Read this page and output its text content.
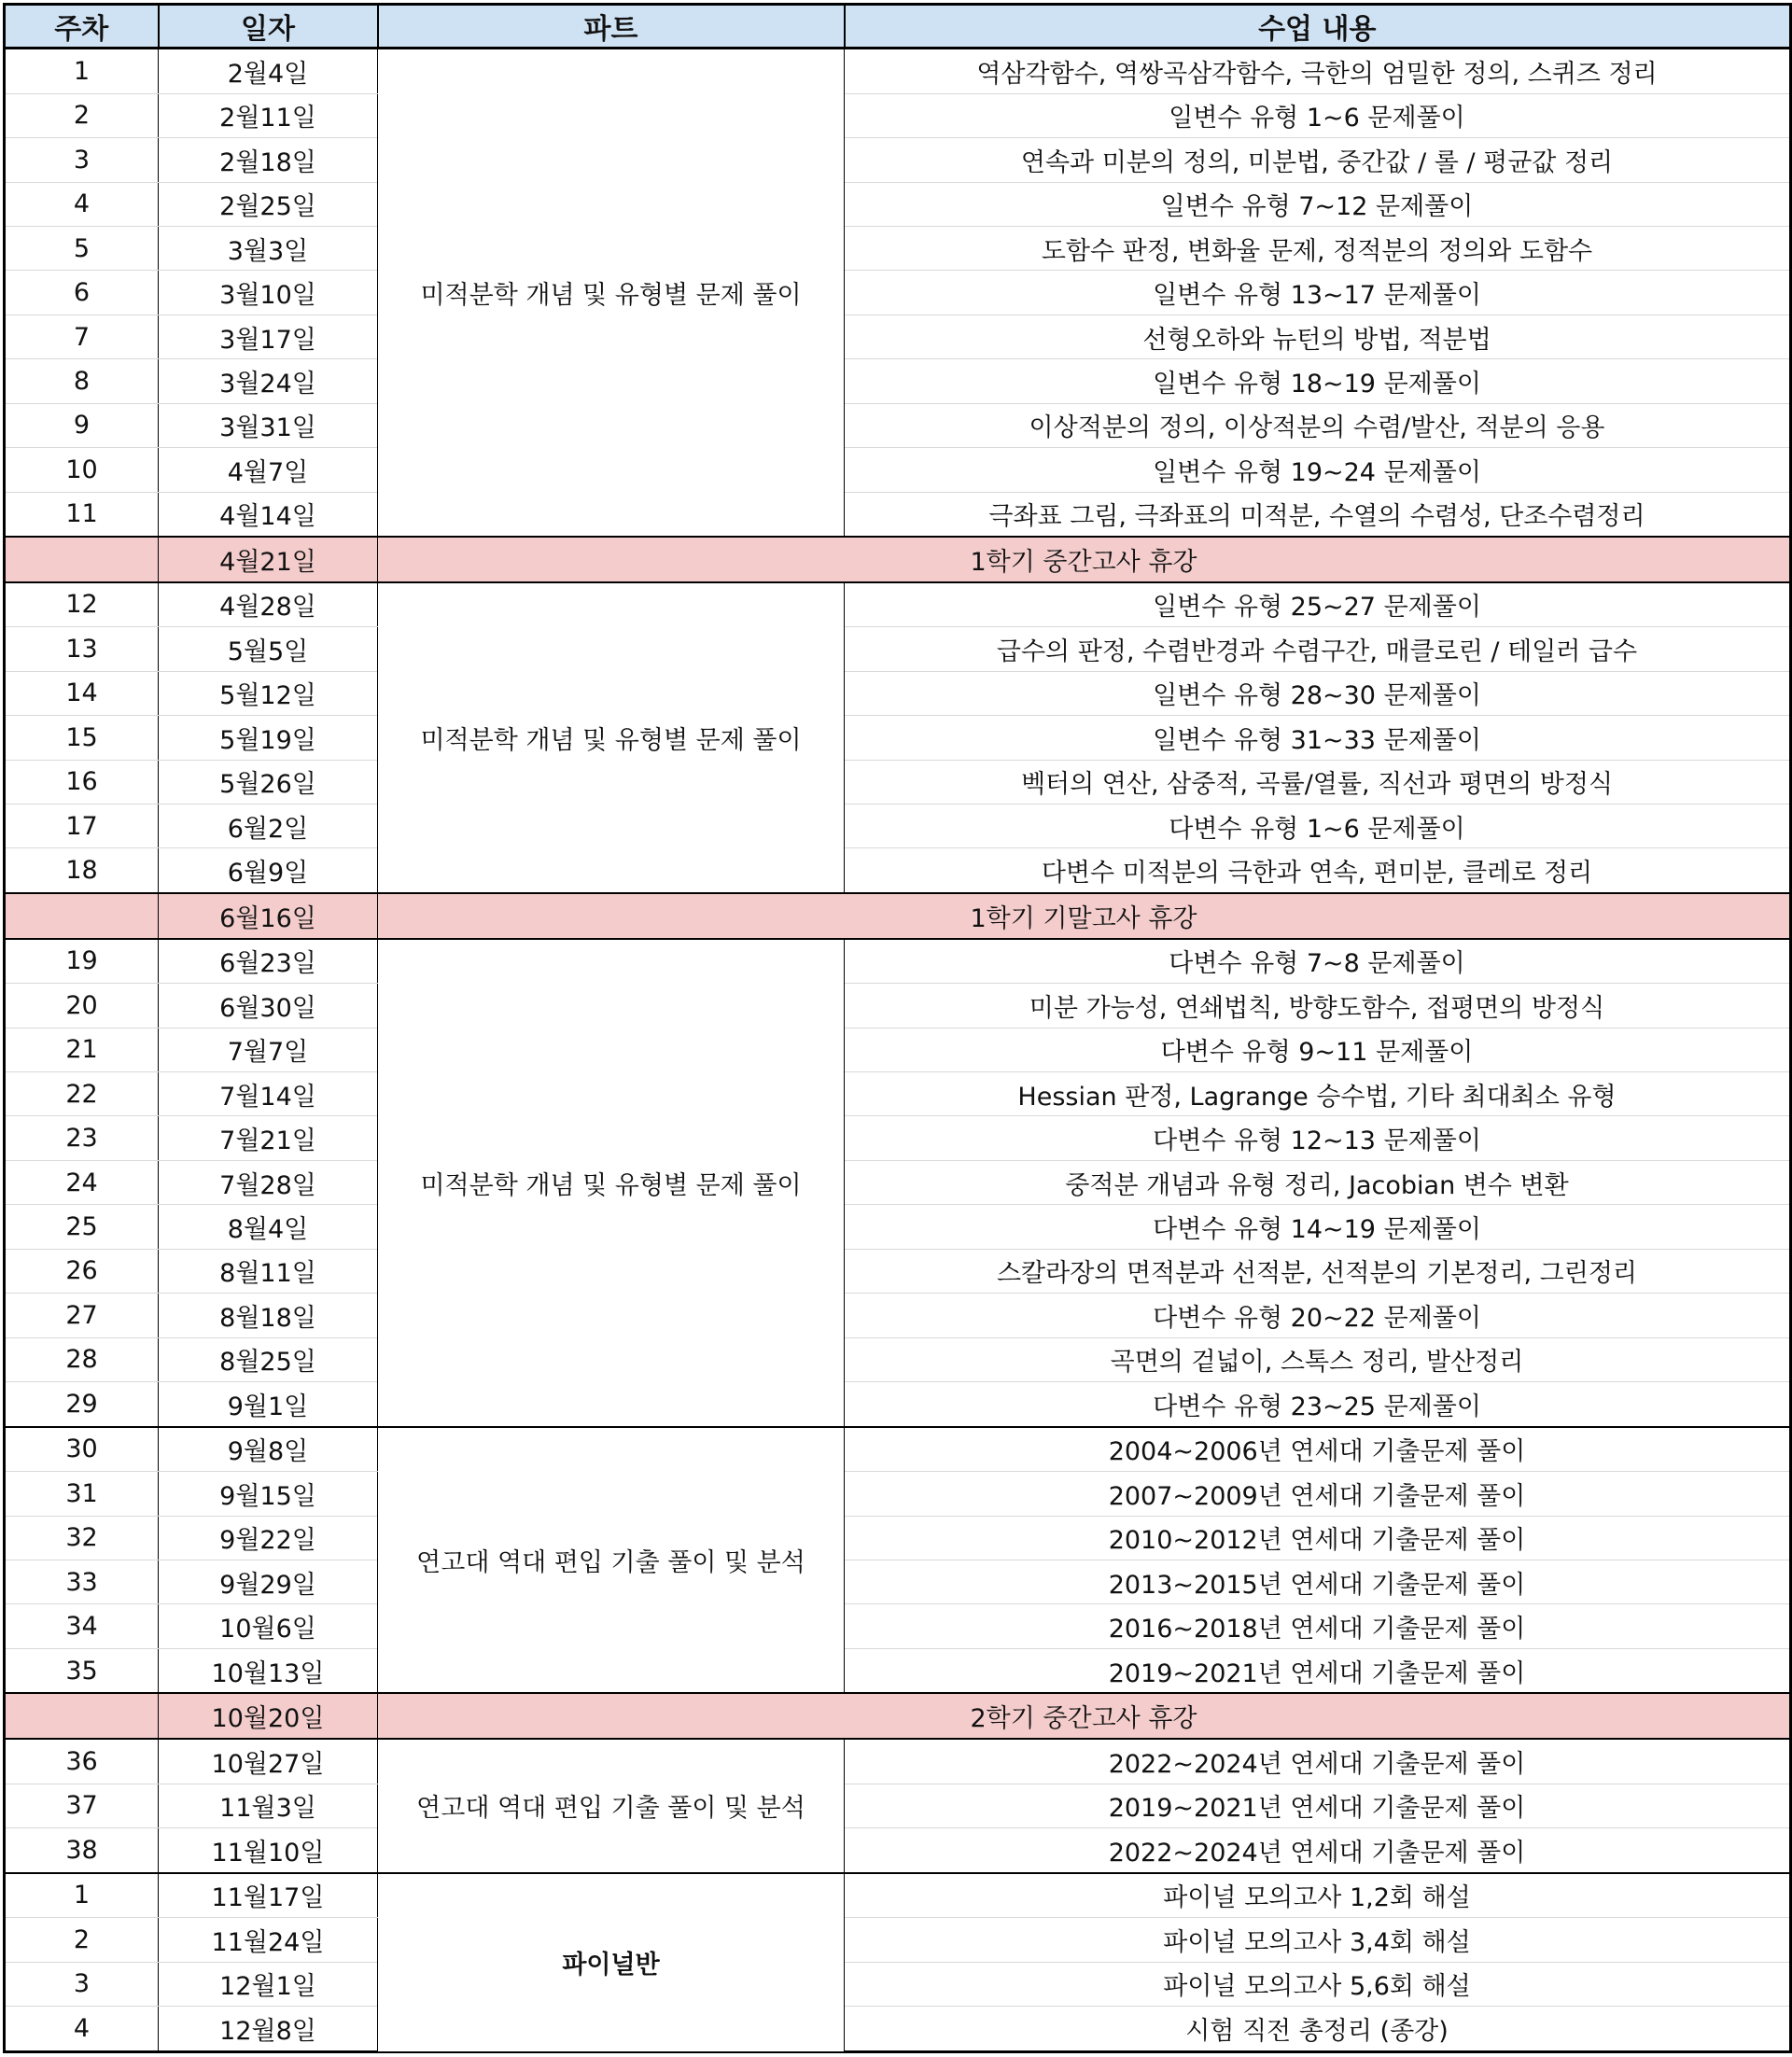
주차	일자	파트	수업 내용
1	2월4일	미적분학 개념 및 유형별 문제 풀이	역삼각함수, 역쌍곡삼각함수, 극한의 엄밀한 정의, 스퀴즈 정리
2	2월11일		일변수 유형 1~6 문제풀이
3	2월18일		연속과 미분의 정의, 미분법, 중간값 / 롤 / 평균값 정리
4	2월25일		일변수 유형 7~12 문제풀이
5	3월3일		도함수 판정, 변화율 문제, 정적분의 정의와 도함수
6	3월10일		일변수 유형 13~17 문제풀이
7	3월17일		선형오하와 뉴턴의 방법, 적분법
8	3월24일		일변수 유형 18~19 문제풀이
9	3월31일		이상적분의 정의, 이상적분의 수렴/발산, 적분의 응용
10	4월7일		일변수 유형 19~24 문제풀이
11	4월14일		극좌표 그림, 극좌표의 미적분, 수열의 수렴성, 단조수렴정리
	4월21일	1학기 중간고사 휴강	
12	4월28일	미적분학 개념 및 유형별 문제 풀이	일변수 유형 25~27 문제풀이
13	5월5일		급수의 판정, 수렴반경과 수렴구간, 매클로린 / 테일러 급수
14	5월12일		일변수 유형 28~30 문제풀이
15	5월19일		일변수 유형 31~33 문제풀이
16	5월26일		벡터의 연산, 삼중적, 곡률/열률, 직선과 평면의 방정식
17	6월2일		다변수 유형 1~6 문제풀이
18	6월9일		다변수 미적분의 극한과 연속, 편미분, 클레로 정리
	6월16일	1학기 기말고사 휴강	
19	6월23일	미적분학 개념 및 유형별 문제 풀이	다변수 유형 7~8 문제풀이
20	6월30일		미분 가능성, 연쇄법칙, 방향도함수, 접평면의 방정식
21	7월7일		다변수 유형 9~11 문제풀이
22	7월14일		Hessian 판정, Lagrange 승수법, 기타 최대최소 유형
23	7월21일		다변수 유형 12~13 문제풀이
24	7월28일		중적분 개념과 유형 정리, Jacobian 변수 변환
25	8월4일		다변수 유형 14~19 문제풀이
26	8월11일		스칼라장의 면적분과 선적분, 선적분의 기본정리, 그린정리
27	8월18일		다변수 유형 20~22 문제풀이
28	8월25일		곡면의 겉넓이, 스톡스 정리, 발산정리
29	9월1일		다변수 유형 23~25 문제풀이
30	9월8일	연고대 역대 편입 기출 풀이 및 분석	2004~2006년 연세대 기출문제 풀이
31	9월15일		2007~2009년 연세대 기출문제 풀이
32	9월22일		2010~2012년 연세대 기출문제 풀이
33	9월29일		2013~2015년 연세대 기출문제 풀이
34	10월6일		2016~2018년 연세대 기출문제 풀이
35	10월13일		2019~2021년 연세대 기출문제 풀이
	10월20일	2학기 중간고사 휴강	
36	10월27일	연고대 역대 편입 기출 풀이 및 분석	2022~2024년 연세대 기출문제 풀이
37	11월3일		2019~2021년 연세대 기출문제 풀이
38	11월10일		2022~2024년 연세대 기출문제 풀이
1	11월17일	파이널반	파이널 모의고사 1,2회 해설
2	11월24일		파이널 모의고사 3,4회 해설
3	12월1일		파이널 모의고사 5,6회 해설
4	12월8일		시험 직전 총정리 (종강)
